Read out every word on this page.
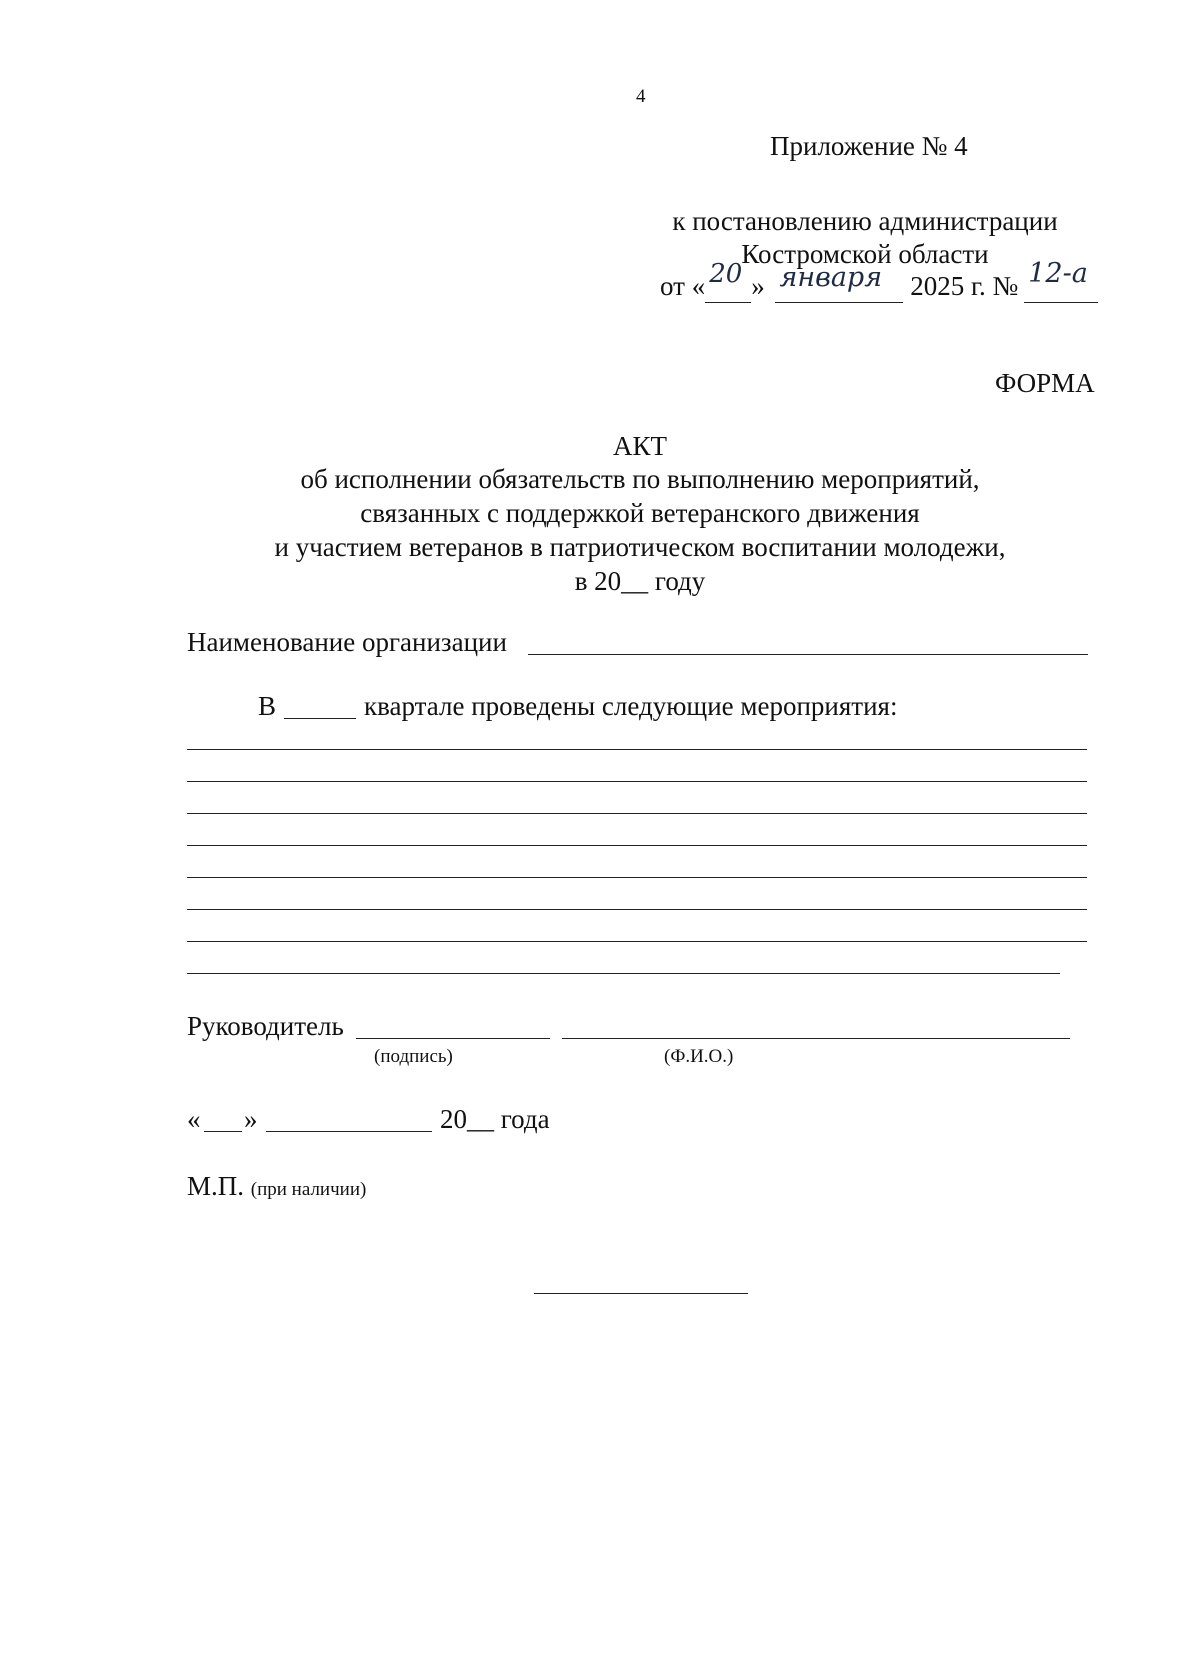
4
Приложение № 4
к постановлению администрации
Костромской области
от « 20 » января 2025 г. № 12-а

ФОРМА
АКТ
об исполнении обязательств по выполнению мероприятий,
связанных с поддержкой ветеранского движения
и участием ветеранов в патриотическом воспитании молодежи,
в 20__ году
Наименование организации
В	квартале проведены следующие мероприятия:
Руководитель
(подпись)	(Ф.И.О.)
« »	20__ года
М.П. (при наличии)
